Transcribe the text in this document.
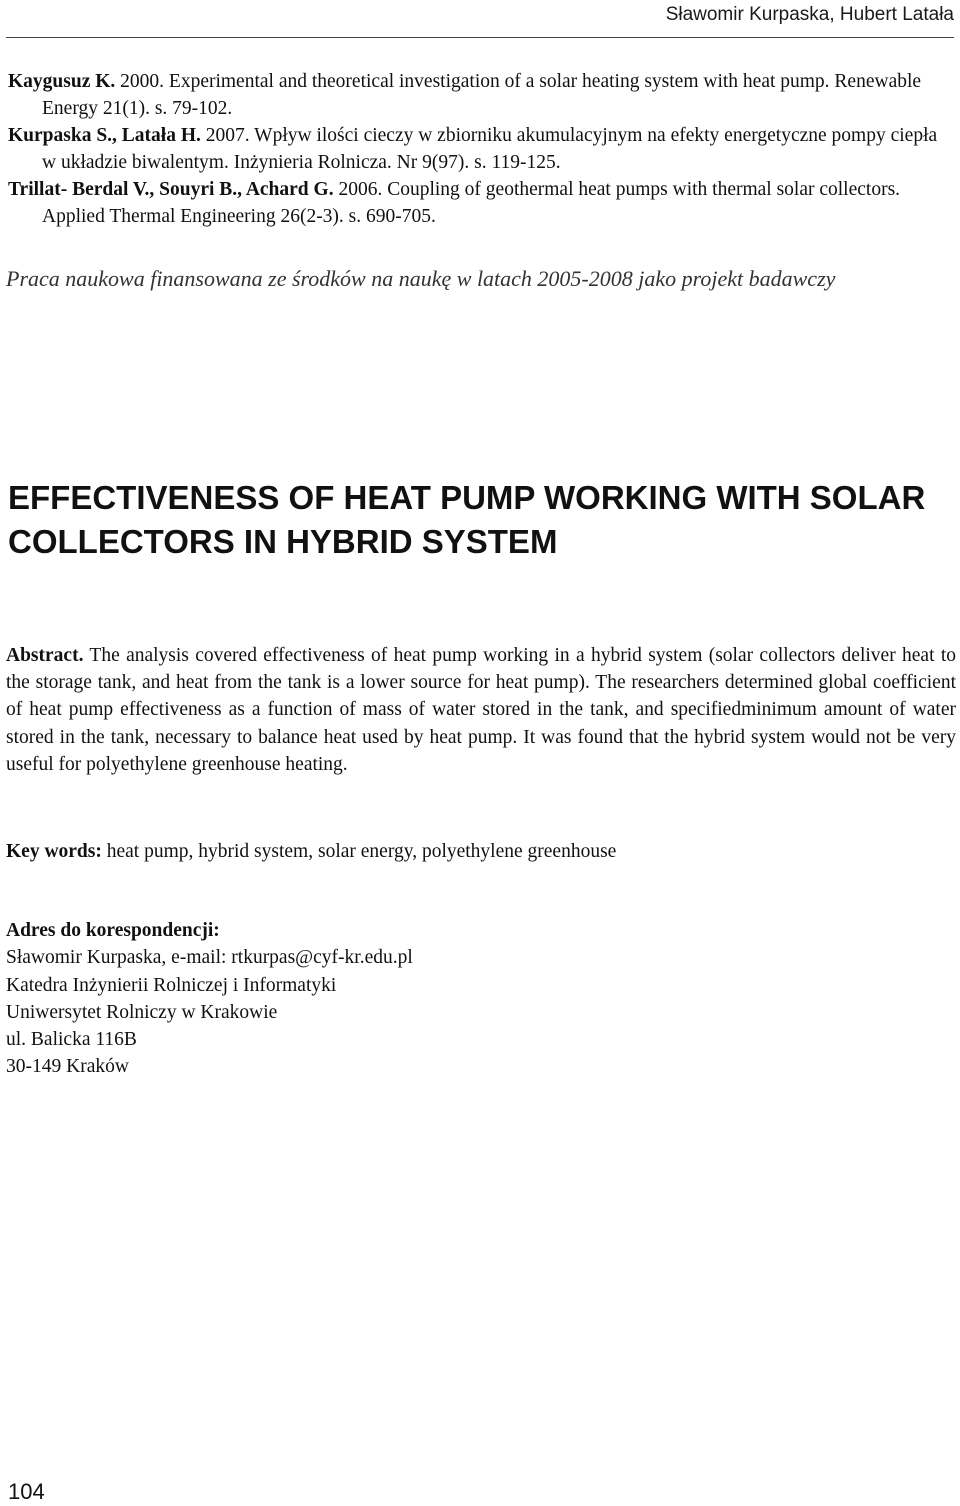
Sławomir Kurpaska, Hubert Latała

Kaygusuz K. 2000. Experimental and theoretical investigation of a solar heating system with heat pump. Renewable Energy 21(1). s. 79-102.

Kurpaska S., Latała H. 2007. Wpływ ilości cieczy w zbiorniku akumulacyjnym na efekty energetyczne pompy ciepła w układzie biwalentym. Inżynieria Rolnicza. Nr 9(97). s. 119-125.

Trillat- Berdal V., Souyri B., Achard G. 2006. Coupling of geothermal heat pumps with thermal solar collectors. Applied Thermal Engineering 26(2-3). s. 690-705.

Praca naukowa finansowana ze środków na naukę w latach 2005-2008 jako projekt badawczy
EFFECTIVENESS OF HEAT PUMP WORKING WITH SOLAR COLLECTORS IN HYBRID SYSTEM
Abstract. The analysis covered effectiveness of heat pump working in a hybrid system (solar collectors deliver heat to the storage tank, and heat from the tank is a lower source for heat pump). The researchers determined global coefficient of heat pump effectiveness as a function of mass of water stored in the tank, and specifiedminimum amount of water stored in the tank, necessary to balance heat used by heat pump. It was found that the hybrid system would not be very useful for polyethylene greenhouse heating.
Key words: heat pump, hybrid system, solar energy, polyethylene greenhouse
Adres do korespondencji:
Sławomir Kurpaska, e-mail: rtkurpas@cyf-kr.edu.pl
Katedra Inżynierii Rolniczej i Informatyki
Uniwersytet Rolniczy w Krakowie
ul. Balicka 116B
30-149 Kraków
104
